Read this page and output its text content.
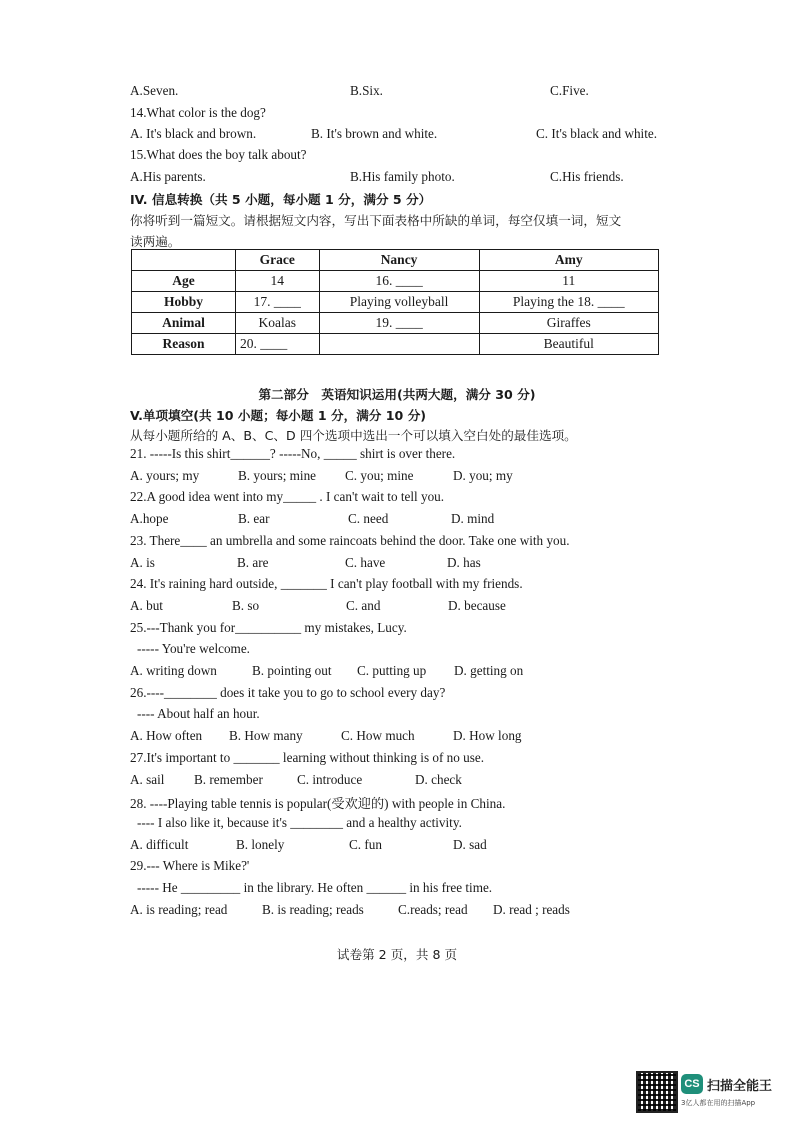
A.Seven.	B.Six.	C.Five.
14.What color is the dog?
A. It's black and brown.	B. It's brown and white.	C. It's black and white.
15.What does the boy talk about?
A.His parents.	B.His family photo.	C.His friends.
IV. 信息转换（共 5 小题，每小题 1 分，满分 5 分）
你将听到一篇短文。请根据短文内容，写出下面表格中所缺的单词，每空仅填一词，短文
读两遍。
	Grace	Nancy	Amy
Age	14	16. ____	11
Hobby	17. ____	Playing volleyball	Playing the 18. ____
Animal	Koalas	19. ____	Giraffes
Reason	20. ____		Beautiful
第二部分　英语知识运用(共两大题，满分 30 分)
V.单项填空(共 10 小题；每小题 1 分，满分 10 分)
从每小题所给的 A、B、C、D 四个选项中选出一个可以填入空白处的最佳选项。
21. -----Is this shirt______? -----No, _____ shirt is over there.
A. yours; my	B. yours; mine C. you; mine	D. you; my
22.A good idea went into my_____ . I can't wait to tell you.
A.hope	B. ear	C. need	D. mind
23. There____ an umbrella and some raincoats behind the door. Take one with you.
A. is	B. are	C. have	D. has
24. It's raining hard outside, _______ I can't play football with my friends.
A. but	B. so	C. and	D. because
25.---Thank you for__________ my mistakes, Lucy.
----- You're welcome.
A. writing down	B. pointing out C. putting up D. getting on
26.----________ does it take you to go to school every day?
---- About half an hour.
A. How often B. How many	C. How much	D. How long
27.It's important to _______ learning without thinking is of no use.
A. sail B. remember	C. introduce	D. check
28. ----Playing table tennis is popular(受欢迎的) with people in China.
---- I also like it, because it's ________ and a healthy activity.
A. difficult	B. lonely	C. fun	D. sad
29.--- Where is Mike?'
----- He _________ in the library. He often ______ in his free time.
A. is reading; read	B. is reading; reads	C.reads; read D. read ; reads
试卷第 2 页，共 8 页
CS 扫描全能王
3亿人都在用的扫描App
